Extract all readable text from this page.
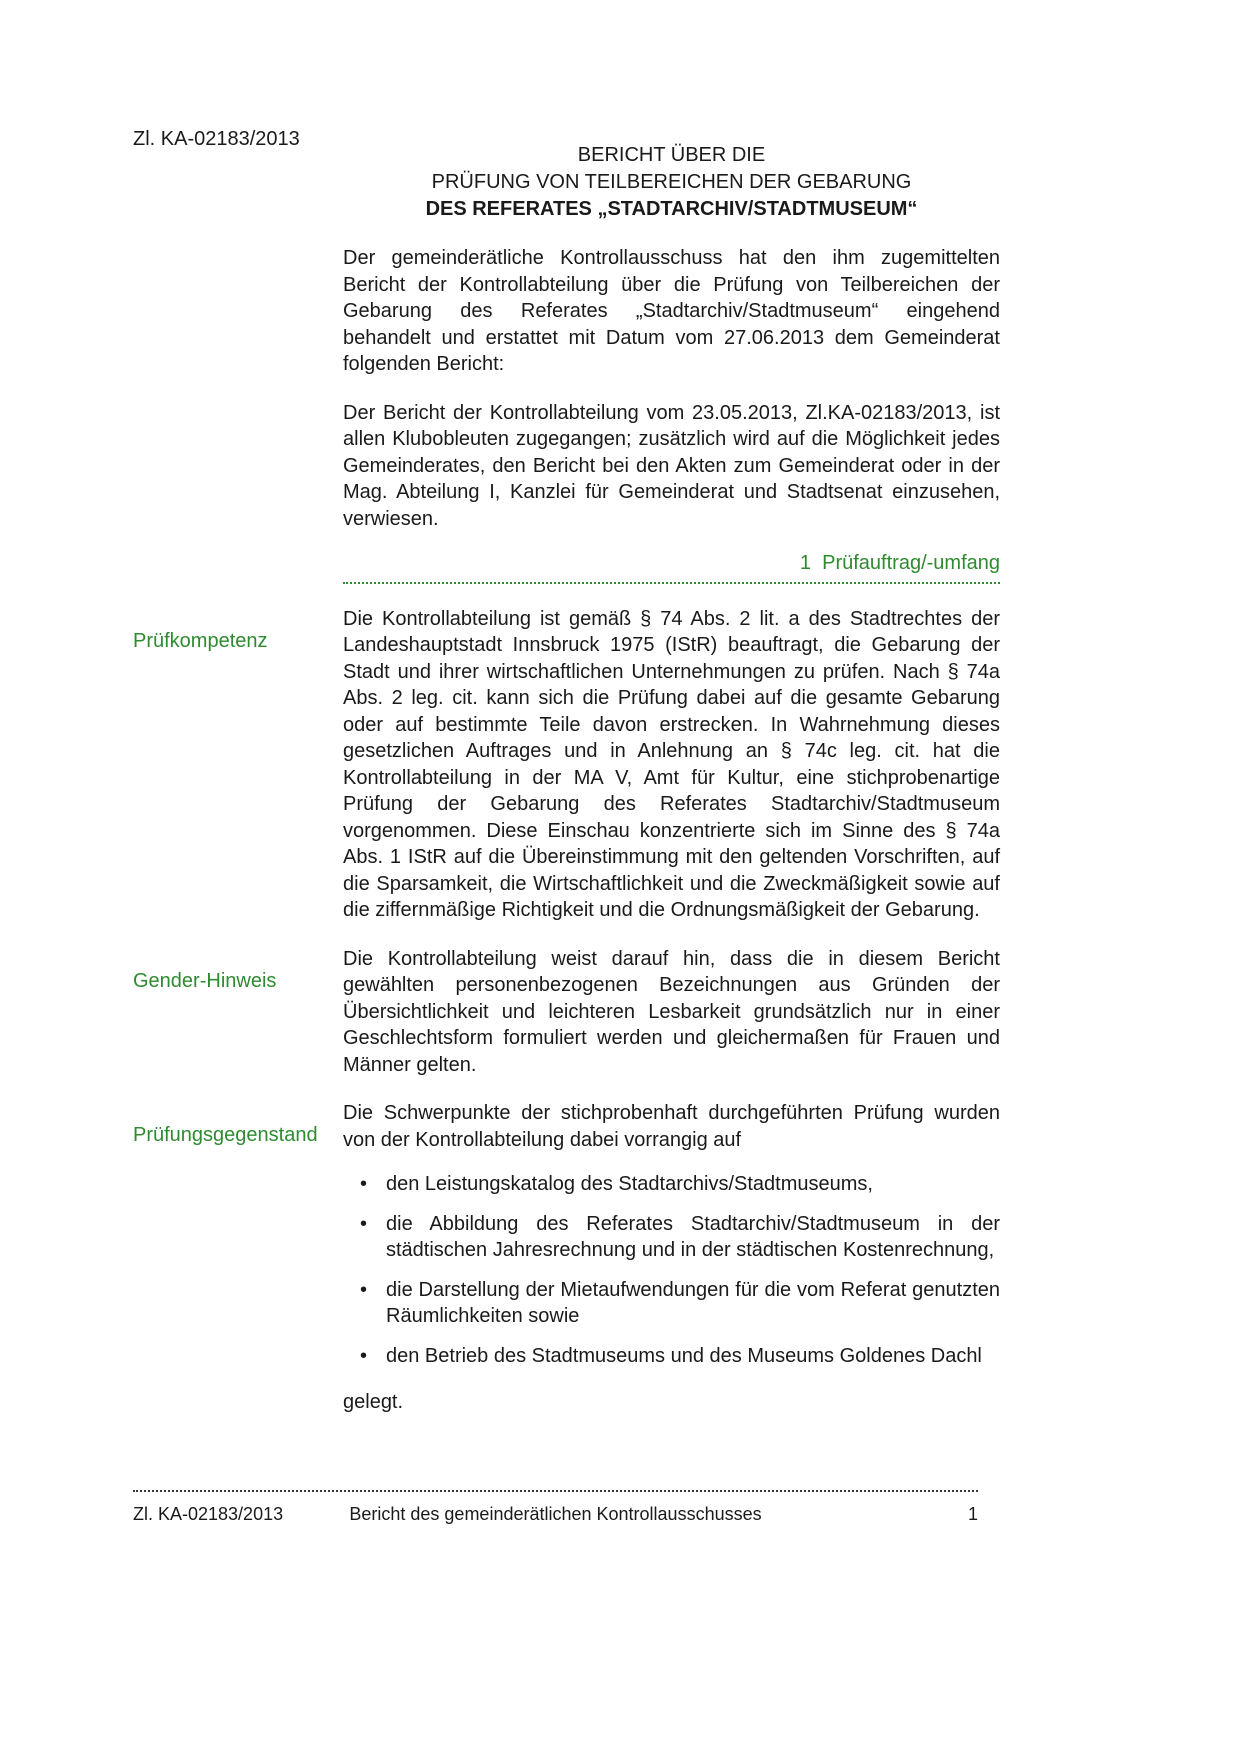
Zl. KA-02183/2013
BERICHT ÜBER DIE
PRÜFUNG VON TEILBEREICHEN DER GEBARUNG
DES REFERATES „STADTARCHIV/STADTMUSEUM“

Der gemeinderätliche Kontrollausschuss hat den ihm zugemittelten Bericht der Kontrollabteilung über die Prüfung von Teilbereichen der Gebarung des Referates „Stadtarchiv/Stadtmuseum“ eingehend behandelt und erstattet mit Datum vom 27.06.2013 dem Gemeinderat folgenden Bericht:

Der Bericht der Kontrollabteilung vom 23.05.2013, Zl.KA-02183/2013, ist allen Klubobleuten zugegangen; zusätzlich wird auf die Möglichkeit jedes Gemeinderates, den Bericht bei den Akten zum Gemeinderat oder in der Mag. Abteilung I, Kanzlei für Gemeinderat und Stadtsenat einzusehen, verwiesen.

1  Prüfauftrag/-umfang
Prüfkompetenz

Die Kontrollabteilung ist gemäß § 74 Abs. 2 lit. a des Stadtrechtes der Landeshauptstadt Innsbruck 1975 (IStR) beauftragt, die Gebarung der Stadt und ihrer wirtschaftlichen Unternehmungen zu prüfen. Nach § 74a Abs. 2 leg. cit. kann sich die Prüfung dabei auf die gesamte Gebarung oder auf bestimmte Teile davon erstrecken. In Wahrnehmung dieses gesetzlichen Auftrages und in Anlehnung an § 74c leg. cit. hat die Kontrollabteilung in der MA V, Amt für Kultur, eine stichprobenartige Prüfung der Gebarung des Referates Stadtarchiv/Stadtmuseum vorgenommen. Diese Einschau konzentrierte sich im Sinne des § 74a Abs. 1 IStR auf die Übereinstimmung mit den geltenden Vorschriften, auf die Sparsamkeit, die Wirtschaftlichkeit und die Zweckmäßigkeit sowie auf die ziffernmäßige Richtigkeit und die Ordnungsmäßigkeit der Gebarung.

Gender-Hinweis

Die Kontrollabteilung weist darauf hin, dass die in diesem Bericht gewählten personenbezogenen Bezeichnungen aus Gründen der Übersichtlichkeit und leichteren Lesbarkeit grundsätzlich nur in einer Geschlechtsform formuliert werden und gleichermaßen für Frauen und Männer gelten.

Prüfungsgegenstand

Die Schwerpunkte der stichprobenhaft durchgeführten Prüfung wurden von der Kontrollabteilung dabei vorrangig auf

• den Leistungskatalog des Stadtarchivs/Stadtmuseums,
• die Abbildung des Referates Stadtarchiv/Stadtmuseum in der städtischen Jahresrechnung und in der städtischen Kostenrechnung,
• die Darstellung der Mietaufwendungen für die vom Referat genutzten Räumlichkeiten sowie
• den Betrieb des Stadtmuseums und des Museums Goldenes Dachl

gelegt.

Zl. KA-02183/2013	Bericht des gemeinderätlichen Kontrollausschusses	1
